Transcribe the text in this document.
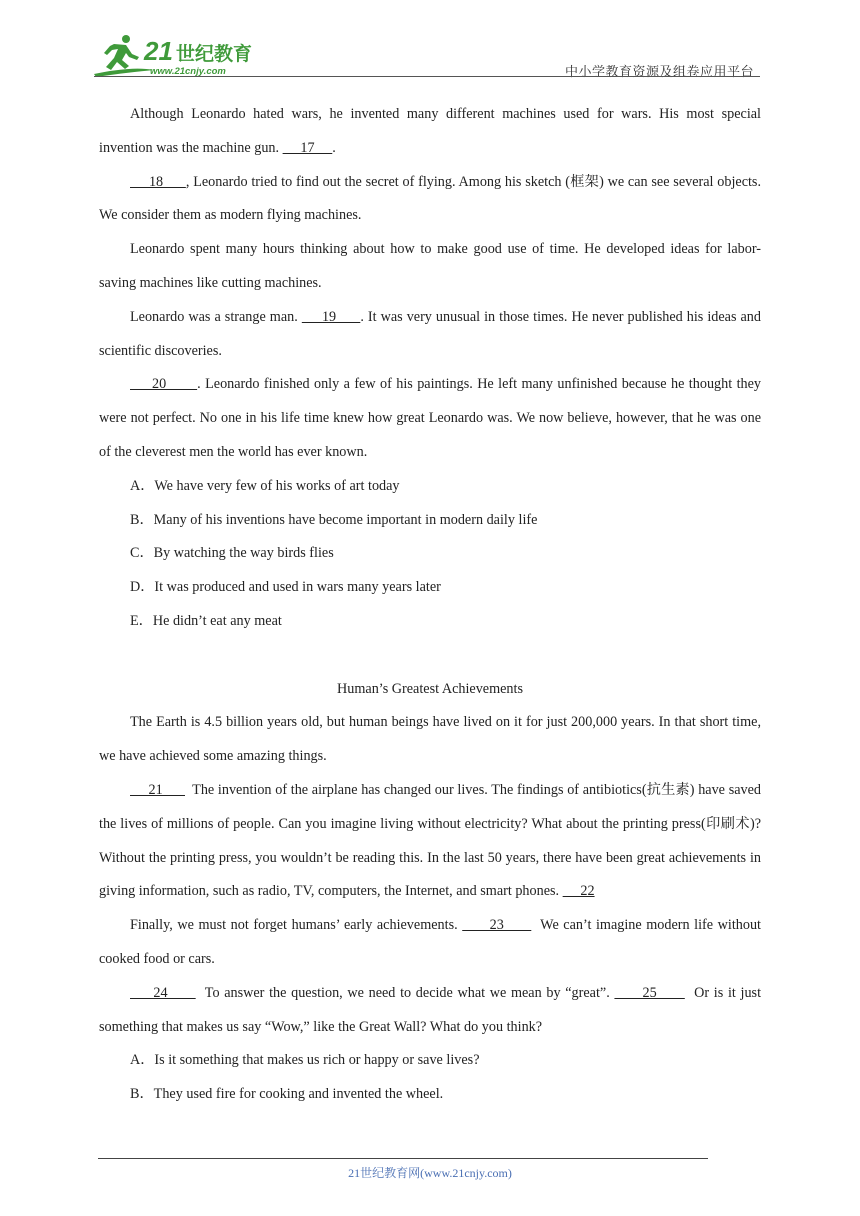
21 世纪教育
www.21cnjy.com	中小学教育资源及组卷应用平台

Although Leonardo hated wars, he invented many different machines used for wars. His most special invention was the machine gun.      17     .

18      , Leonardo tried to find out the secret of flying. Among his sketch (框架) we can see several objects. We consider them as modern flying machines.

Leonardo spent many hours thinking about how to make good use of time. He developed ideas for labor-saving machines like cutting machines.

Leonardo was a strange man.      19      . It was very unusual in those times. He never published his ideas and scientific discoveries.

20       . Leonardo finished only a few of his paintings. He left many unfinished because he thought they were not perfect. No one in his life time knew how great Leonardo was. We now believe, however, that he was one of the cleverest men the world has ever known.

A．We have very few of his works of art today

B．Many of his inventions have become important in modern daily life

C．By watching the way birds flies

D．It was produced and used in wars many years later

E．He didn’t eat any meat

Human’s Greatest Achievements

The Earth is 4.5 billion years old, but human beings have lived on it for just 200,000 years. In that short time, we have achieved some amazing things.

21        The invention of the airplane has changed our lives. The findings of antibiotics(抗生素) have saved the lives of millions of people. Can you imagine living without electricity? What about the printing press(印刷术)? Without the printing press, you wouldn’t be reading this. In the last 50 years, there have been great achievements in giving information, such as radio, TV, computers, the Internet, and smart phones.      22

Finally, we must not forget humans’ early achievements.       23        We can’t imagine modern life without cooked food or cars.

24        To answer the question, we need to decide what we mean by “great”.       25        Or is it just something that makes us say “Wow,” like the Great Wall? What do you think?

A．Is it something that makes us rich or happy or save lives?

B．They used fire for cooking and invented the wheel.

21世纪教育网(www.21cnjy.com)
